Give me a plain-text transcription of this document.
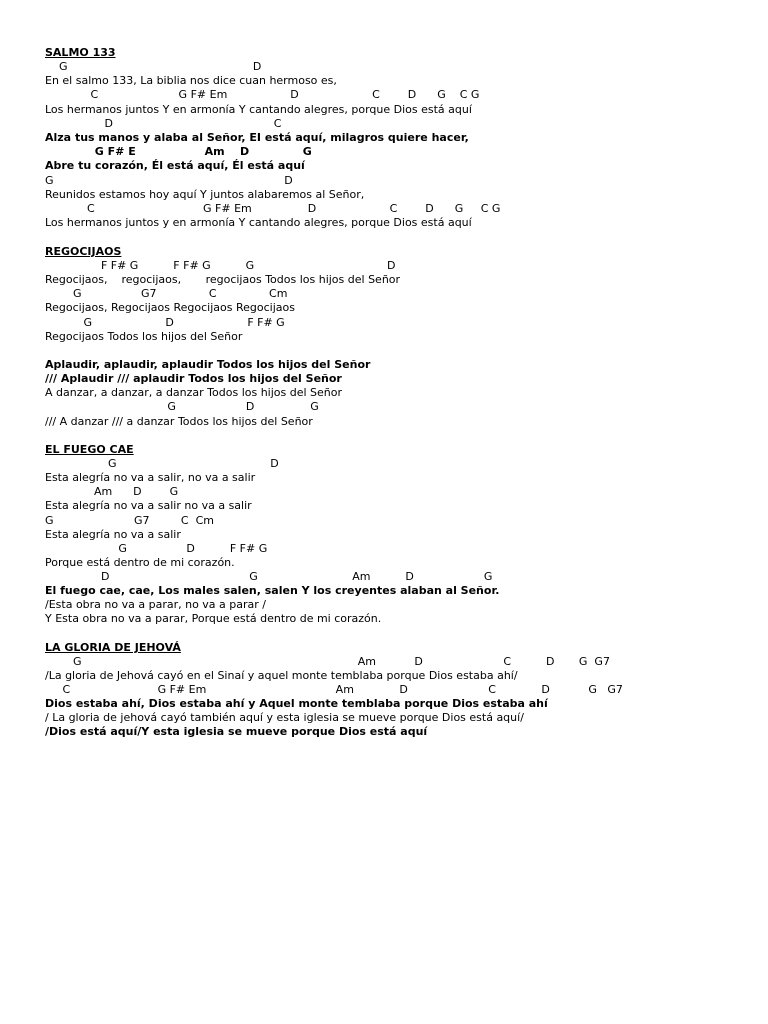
SALMO 133
G                                                     D
En el salmo 133, La biblia nos dice cuan hermoso es,
C                       G F# Em                  D                     C        D      G    C G
Los hermanos juntos Y en armonía Y cantando alegres, porque Dios está aquí
D                                              C
Alza tus manos y alaba al Señor, EI está aquí, milagros quiere hacer,
G F# E                  Am    D              G
Abre tu corazón, Él está aquí, Él está aquí
G                                                                  D
Reunidos estamos hoy aquí Y juntos alabaremos al Señor,
C                               G F# Em                D                     C        D      G     C G
Los hermanos juntos y en armonía Y cantando alegres, porque Dios está aquí
REGOCIJAOS
F F# G          F F# G          G                                      D
Regocijaos,    regocijaos,       regocijaos Todos los hijos del Señor
G                 G7               C               Cm
Regocijaos, Regocijaos Regocijaos Regocijaos
G                     D                     F F# G
Regocijaos Todos los hijos del Señor
Aplaudir, aplaudir, aplaudir Todos los hijos del Señor
/// Aplaudir /// aplaudir Todos los hijos del Señor
A danzar, a danzar, a danzar Todos los hijos del Señor
G                    D                G
/// A danzar /// a danzar Todos los hijos del Señor
EL FUEGO CAE
G                                            D
Esta alegría no va a salir, no va a salir
Am      D        G
Esta alegría no va a salir no va a salir
G                       G7         C  Cm
Esta alegría no va a salir
G                 D          F F# G
Porque está dentro de mi corazón.
D                                        G                           Am          D                    G
El fuego cae, cae, Los males salen, salen Y los creyentes alaban al Señor.
/Esta obra no va a parar, no va a parar /
Y Esta obra no va a parar, Porque está dentro de mi corazón.
LA GLORIA DE JEHOVÁ
G                                                                               Am           D                       C          D       G  G7
/La gloria de Jehová cayó en el Sinaí y aquel monte temblaba porque Dios estaba ahí/
C                         G F# Em                                     Am             D                       C             D           G   G7
Dios estaba ahí, Dios estaba ahí y Aquel monte temblaba porque Dios estaba ahí
/ La gloria de jehová cayó también aquí y esta iglesia se mueve porque Dios está aquí/
/Dios está aquí/Y esta iglesia se mueve porque Dios está aquí
